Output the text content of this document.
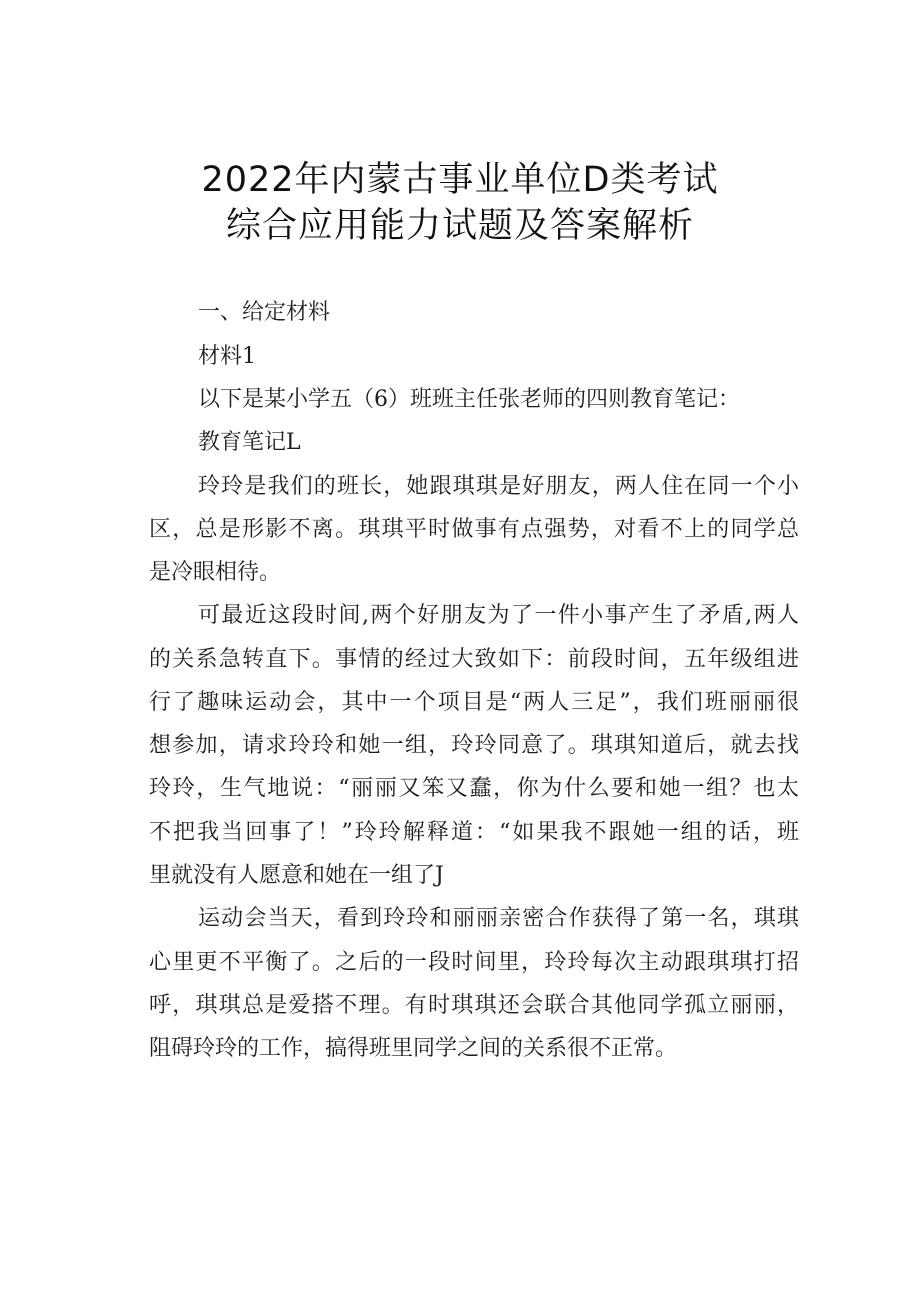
2022年内蒙古事业单位D类考试
综合应用能力试题及答案解析
一、给定材料
材料1
以下是某小学五（6）班班主任张老师的四则教育笔记：
教育笔记L
玲玲是我们的班长，她跟琪琪是好朋友，两人住在同一个小
区，总是形影不离。琪琪平时做事有点强势，对看不上的同学总
是冷眼相待。
可最近这段时间,两个好朋友为了一件小事产生了矛盾,两人
的关系急转直下。事情的经过大致如下：前段时间，五年级组进
行了趣味运动会，其中一个项目是“两人三足”，我们班丽丽很
想参加，请求玲玲和她一组，玲玲同意了。琪琪知道后，就去找
玲玲，生气地说：“丽丽又笨又蠢，你为什么要和她一组？也太
不把我当回事了！”玲玲解释道：“如果我不跟她一组的话，班
里就没有人愿意和她在一组了J
运动会当天，看到玲玲和丽丽亲密合作获得了第一名，琪琪
心里更不平衡了。之后的一段时间里，玲玲每次主动跟琪琪打招
呼，琪琪总是爱搭不理。有时琪琪还会联合其他同学孤立丽丽，
阻碍玲玲的工作，搞得班里同学之间的关系很不正常。
